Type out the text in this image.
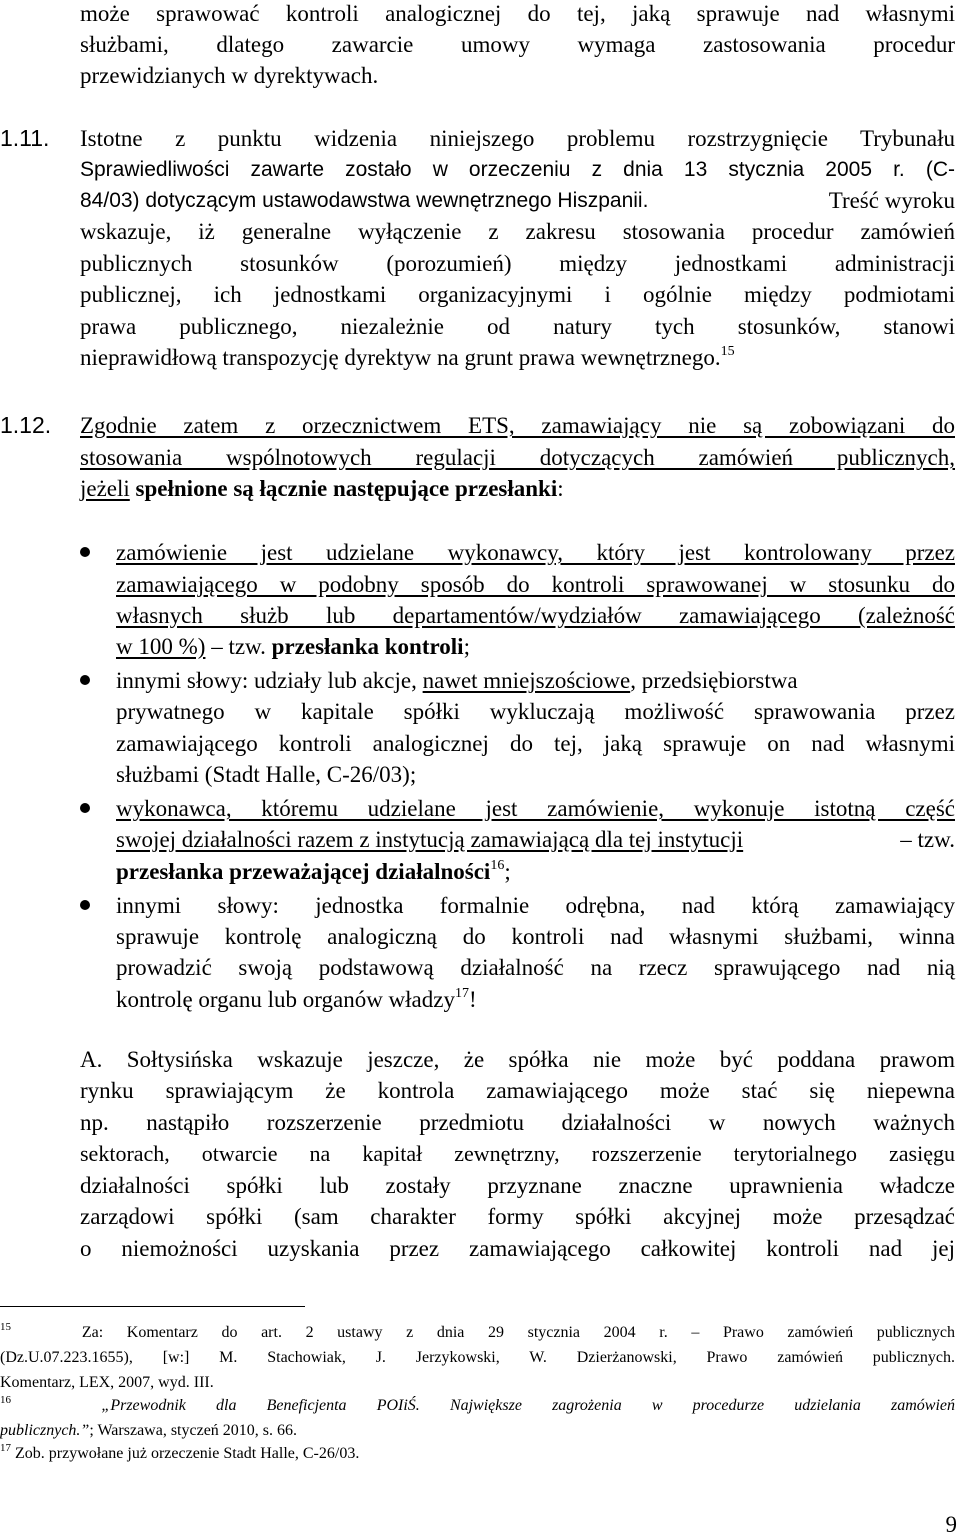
może sprawować kontroli analogicznej do tej, jaką sprawuje nad własnymi
służbami, dlatego zawarcie umowy wymaga zastosowania procedur
przewidzianych w dyrektywach.
1.11. Istotne z punktu widzenia niniejszego problemu rozstrzygnięcie Trybunału
Sprawiedliwości zawarte zostało w orzeczeniu z dnia 13 stycznia 2005 r. (C-
84/03) dotyczącym ustawodawstwa wewnętrznego Hiszpanii.	Treść wyroku
wskazuje, iż generalne wyłączenie z zakresu stosowania procedur zamówień
publicznych stosunków (porozumień) między jednostkami administracji
publicznej, ich jednostkami organizacyjnymi i ogólnie między podmiotami
prawa publicznego, niezależnie od natury tych stosunków, stanowi
nieprawidłową transpozycję dyrektyw na grunt prawa wewnętrznego.$^{15}$
1.12. Zgodnie zatem z orzecznictwem ETS, zamawiający nie są zobowiązani do
stosowania wspólnotowych regulacji dotyczących zamówień publicznych,
jeżeli spełnione są łącznie następujące przesłanki:
zamówienie jest udzielane wykonawcy, który jest kontrolowany przez
zamawiającego w podobny sposób do kontroli sprawowanej w stosunku do
własnych służb lub departamentów/wydziałów zamawiającego (zależność
w 100 %) – tzw. przesłanka kontroli;
innymi słowy: udziały lub akcje, nawet mniejszościowe, przedsiębiorstwa
prywatnego w kapitale spółki wykluczają możliwość sprawowania przez
zamawiającego kontroli analogicznej do tej, jaką sprawuje on nad własnymi
służbami (Stadt Halle, C-26/03);
wykonawca, któremu udzielane jest zamówienie, wykonuje istotną część
swojej działalności razem z instytucją zamawiającą dla tej instytucji	– tzw.
przesłanka przeważającej działalności$^{16}$;
innymi słowy: jednostka formalnie odrębna, nad którą zamawiający
sprawuje kontrolę analogiczną do kontroli nad własnymi służbami, winna
prowadzić swoją podstawową działalność na rzecz sprawującego nad nią
kontrolę organu lub organów władzy$^{17}$!
A. Sołtysińska wskazuje jeszcze, że spółka nie może być poddana prawom
rynku sprawiającym że kontrola zamawiającego może stać się niepewna
np. nastąpiło rozszerzenie przedmiotu działalności w nowych ważnych
sektorach, otwarcie na kapitał zewnętrzny, rozszerzenie terytorialnego zasięgu
działalności spółki lub zostały przyznane znaczne uprawnienia władcze
zarządowi spółki (sam charakter formy spółki akcyjnej może przesądzać
o niemożności uzyskania przez zamawiającego całkowitej kontroli nad jej
$^{15}$	Za: Komentarz do art. 2 ustawy z dnia 29 stycznia 2004 r. – Prawo zamówień publicznych
(Dz.U.07.223.1655), [w:] M. Stachowiak, J. Jerzykowski, W. Dzierżanowski, Prawo zamówień publicznych.
Komentarz, LEX, 2007, wyd. III.
$^{16}$	„Przewodnik dla Beneficjenta POIiŚ. Największe zagrożenia w procedurze udzielania zamówień
publicznych.”; Warszawa, styczeń 2010, s. 66.
$^{17}$ Zob. przywołane już orzeczenie Stadt Halle, C-26/03.
9
